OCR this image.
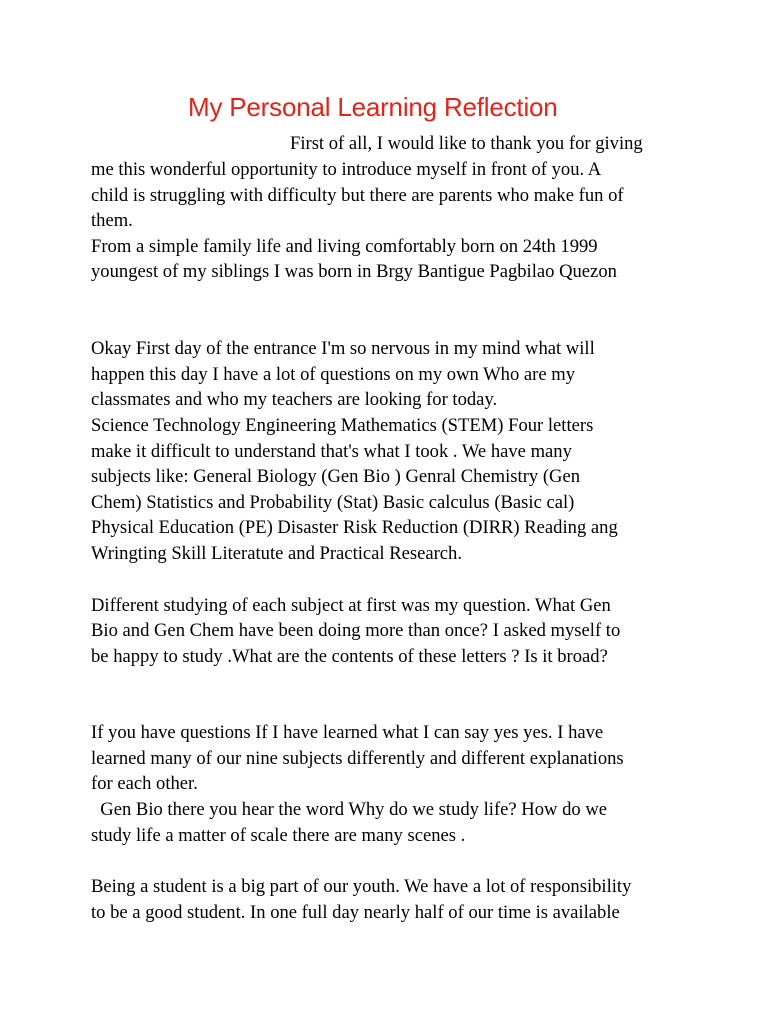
My Personal Learning Reflection
First of all, I would like to thank you for giving
me this wonderful opportunity to introduce myself in front of you. A
child is struggling with difficulty but there are parents who make fun of
them.
From a simple family life and living comfortably born on 24th 1999
youngest of my siblings I was born in Brgy Bantigue Pagbilao Quezon
Okay First day of the entrance I'm so nervous in my mind what will
happen this day I have a lot of questions on my own Who are my
classmates and who my teachers are looking for today.
Science Technology Engineering Mathematics (STEM) Four letters
make it difficult to understand that's what I took . We have many
subjects like: General Biology (Gen Bio ) Genral Chemistry (Gen
Chem) Statistics and Probability (Stat) Basic calculus (Basic cal)
Physical Education (PE) Disaster Risk Reduction (DIRR) Reading ang
Wringting Skill Literatute and Practical Research.
Different studying of each subject at first was my question. What Gen
Bio and Gen Chem have been doing more than once? I asked myself to
be happy to study .What are the contents of these letters ? Is it broad?
If you have questions If I have learned what I can say yes yes. I have
learned many of our nine subjects differently and different explanations
for each other.
Gen Bio there you hear the word Why do we study life? How do we
study life a matter of scale there are many scenes .
Being a student is a big part of our youth. We have a lot of responsibility
to be a good student. In one full day nearly half of our time is available
